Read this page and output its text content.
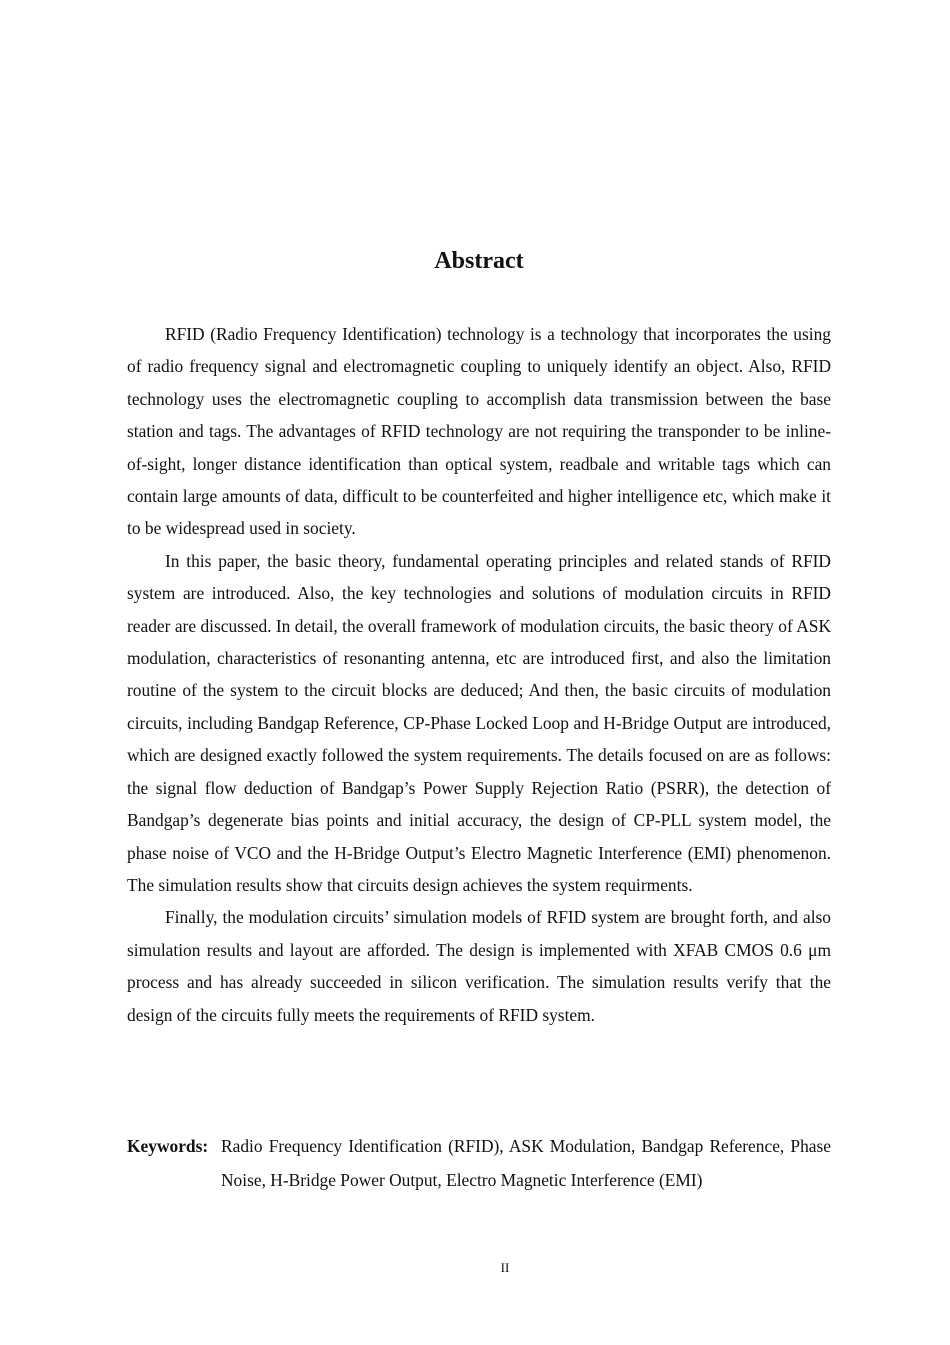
Abstract

RFID (Radio Frequency Identification) technology is a technology that incorporates the using of radio frequency signal and electromagnetic coupling to uniquely identify an object. Also, RFID technology uses the electromagnetic coupling to accomplish data transmission between the base station and tags. The advantages of RFID technology are not requiring the transponder to be inline-of-sight, longer distance identification than optical system, readbale and writable tags which can contain large amounts of data, difficult to be counterfeited and higher intelligence etc, which make it to be widespread used in society.

In this paper, the basic theory, fundamental operating principles and related stands of RFID system are introduced. Also, the key technologies and solutions of modulation circuits in RFID reader are discussed. In detail, the overall framework of modulation circuits, the basic theory of ASK modulation, characteristics of resonanting antenna, etc are introduced first, and also the limitation routine of the system to the circuit blocks are deduced; And then, the basic circuits of modulation circuits, including Bandgap Reference, CP-Phase Locked Loop and H-Bridge Output are introduced, which are designed exactly followed the system requirements. The details focused on are as follows: the signal flow deduction of Bandgap’s Power Supply Rejection Ratio (PSRR), the detection of Bandgap’s degenerate bias points and initial accuracy, the design of CP-PLL system model, the phase noise of VCO and the H-Bridge Output’s Electro Magnetic Interference (EMI) phenomenon. The simulation results show that circuits design achieves the system requirments.

Finally, the modulation circuits’ simulation models of RFID system are brought forth, and also simulation results and layout are afforded. The design is implemented with XFAB CMOS 0.6 μm process and has already succeeded in silicon verification. The simulation results verify that the design of the circuits fully meets the requirements of RFID system.

Keywords: Radio Frequency Identification (RFID), ASK Modulation, Bandgap Reference, Phase Noise, H-Bridge Power Output, Electro Magnetic Interference (EMI)
II
